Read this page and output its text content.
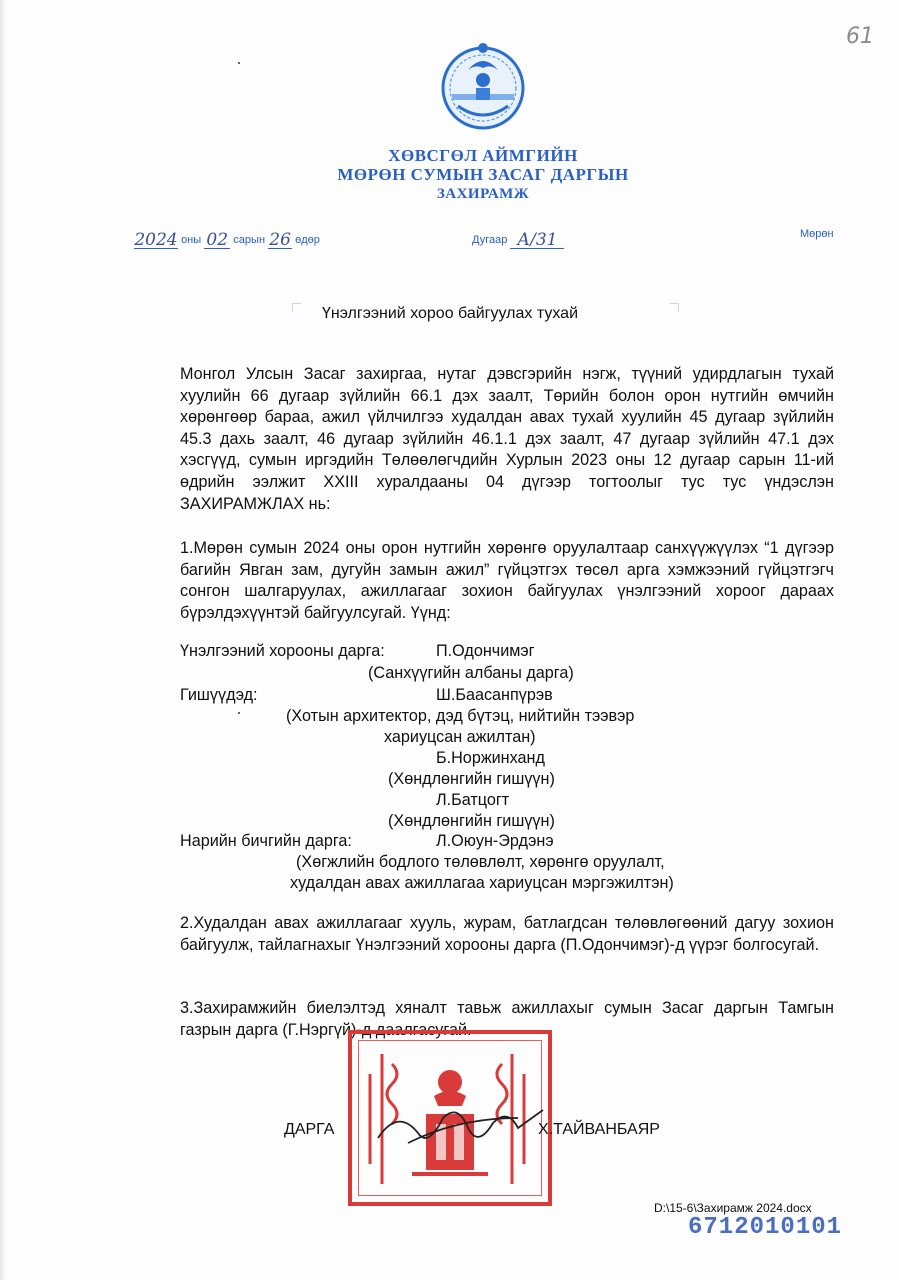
61
ХӨВСГӨЛ АЙМГИЙН
МӨРӨН СУМЫН ЗАСАГ ДАРГЫН
ЗАХИРАМЖ
2024 оны 02 сарын 26 өдөр	Дугаар А/31	Мөрөн
Үнэлгээний хороо байгуулах тухай
Монгол Улсын Засаг захиргаа, нутаг дэвсгэрийн нэгж, түүний удирдлагын тухай хуулийн 66 дугаар зүйлийн 66.1 дэх заалт, Төрийн болон орон нутгийн өмчийн хөрөнгөөр бараа, ажил үйлчилгээ худалдан авах тухай хуулийн 45 дугаар зүйлийн 45.3 дахь заалт, 46 дугаар зүйлийн 46.1.1 дэх заалт, 47 дугаар зүйлийн 47.1 дэх хэсгүүд, сумын иргэдийн Төлөөлөгчдийн Хурлын 2023 оны 12 дугаар сарын 11-ий өдрийн ээлжит XXIII хуралдааны 04 дүгээр тогтоолыг тус тус үндэслэн ЗАХИРАМЖЛАХ нь:
1.Мөрөн сумын 2024 оны орон нутгийн хөрөнгө оруулалтаар санхүүжүүлэх “1 дүгээр багийн Явган зам, дугуйн замын ажил” гүйцэтгэх төсөл арга хэмжээний гүйцэтгэгч сонгон шалгаруулах, ажиллагааг зохион байгуулах үнэлгээний хороог дараах бүрэлдэхүүнтэй байгуулсугай. Үүнд:
Үнэлгээний хорооны дарга:	П.Одончимэг
(Санхүүгийн албаны дарга)
Гишүүдэд:	Ш.Баасанпүрэв
(Хотын архитектор, дэд бүтэц, нийтийн тээвэр
хариуцсан ажилтан)
Б.Норжинханд
(Хөндлөнгийн гишүүн)
Л.Батцогт
(Хөндлөнгийн гишүүн)
Нарийн бичгийн дарга:	Л.Оюун-Эрдэнэ
(Хөгжлийн бодлого төлөвлөлт, хөрөнгө оруулалт,
худалдан авах ажиллагаа хариуцсан мэргэжилтэн)
2.Худалдан авах ажиллагааг хууль, журам, батлагдсан төлөвлөгөөний дагуу зохион байгуулж, тайлагнахыг Үнэлгээний хорооны дарга (П.Одончимэг)-д үүрэг болгосугай.
3.Захирамжийн биелэлтэд хяналт тавьж ажиллахыг сумын Засаг даргын Тамгын газрын дарга (Г.Нэргүй)-д даалгасугай.
ДАРГА	Х.ТАЙВАНБАЯР
D:\15-6\Захирамж 2024.docx
6712010101
